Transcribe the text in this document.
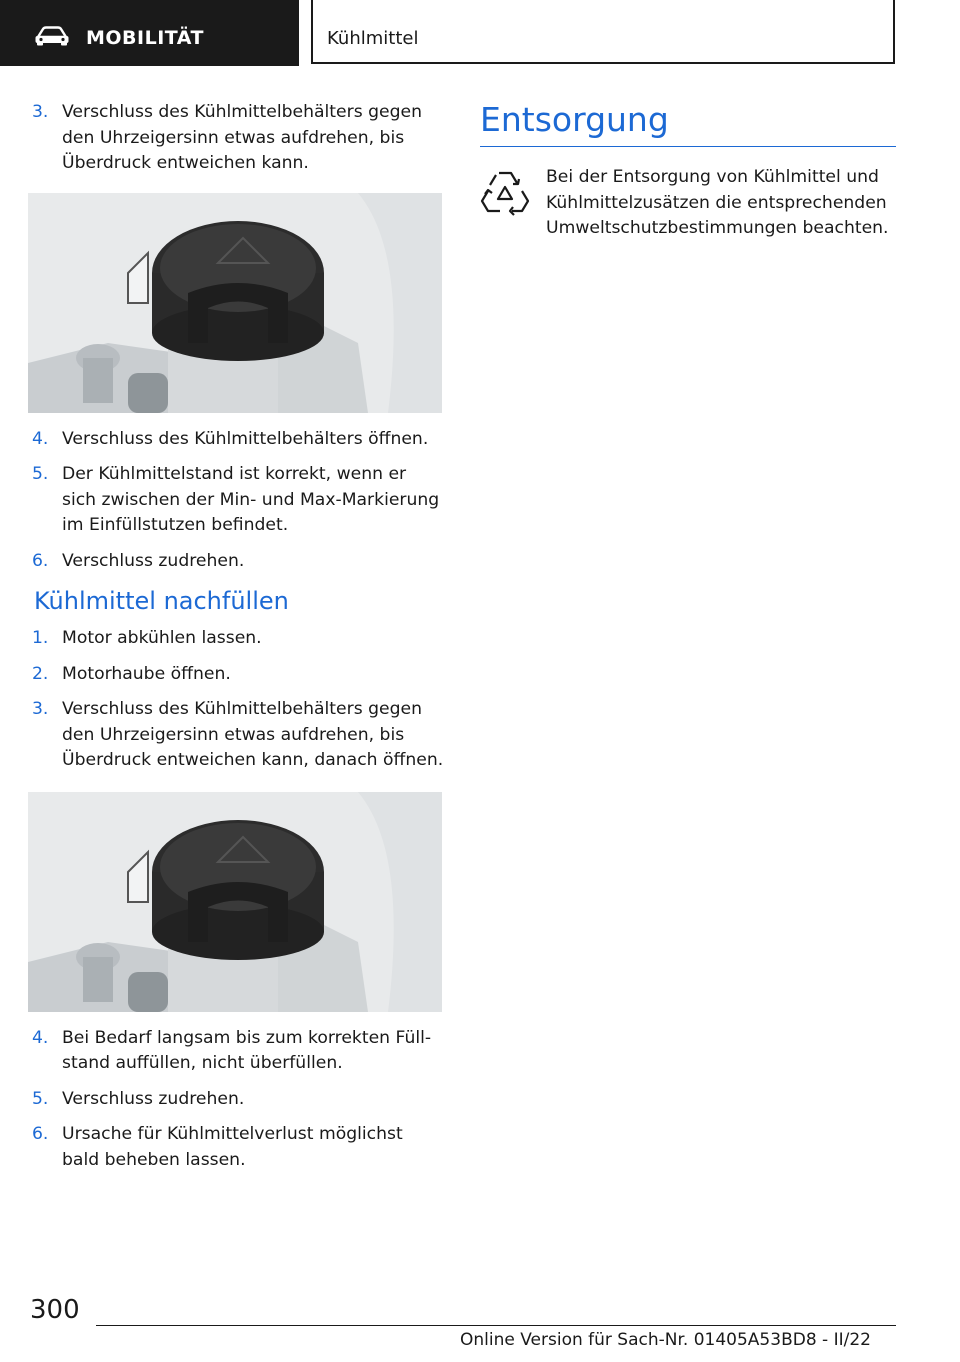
MOBILITÄT	Kühlmittel
3. Verschluss des Kühlmittelbehälters gegen den Uhrzeigersinn etwas aufdrehen, bis Überdruck entweichen kann.
4. Verschluss des Kühlmittelbehälters öffnen.
5. Der Kühlmittelstand ist korrekt, wenn er sich zwischen der Min- und Max-Markierung im Einfüllstutzen befindet.
6. Verschluss zudrehen.
Kühlmittel nachfüllen
1. Motor abkühlen lassen.
2. Motorhaube öffnen.
3. Verschluss des Kühlmittelbehälters gegen den Uhrzeigersinn etwas aufdrehen, bis Überdruck entweichen kann, danach öffnen.
4. Bei Bedarf langsam bis zum korrekten Füllstand auffüllen, nicht überfüllen.
5. Verschluss zudrehen.
6. Ursache für Kühlmittelverlust möglichst bald beheben lassen.
Entsorgung
Bei der Entsorgung von Kühlmittel und Kühlmittelzusätzen die entsprechenden Umweltschutzbestimmungen beachten.
300
Online Version für Sach-Nr. 01405A53BD8 - II/22
